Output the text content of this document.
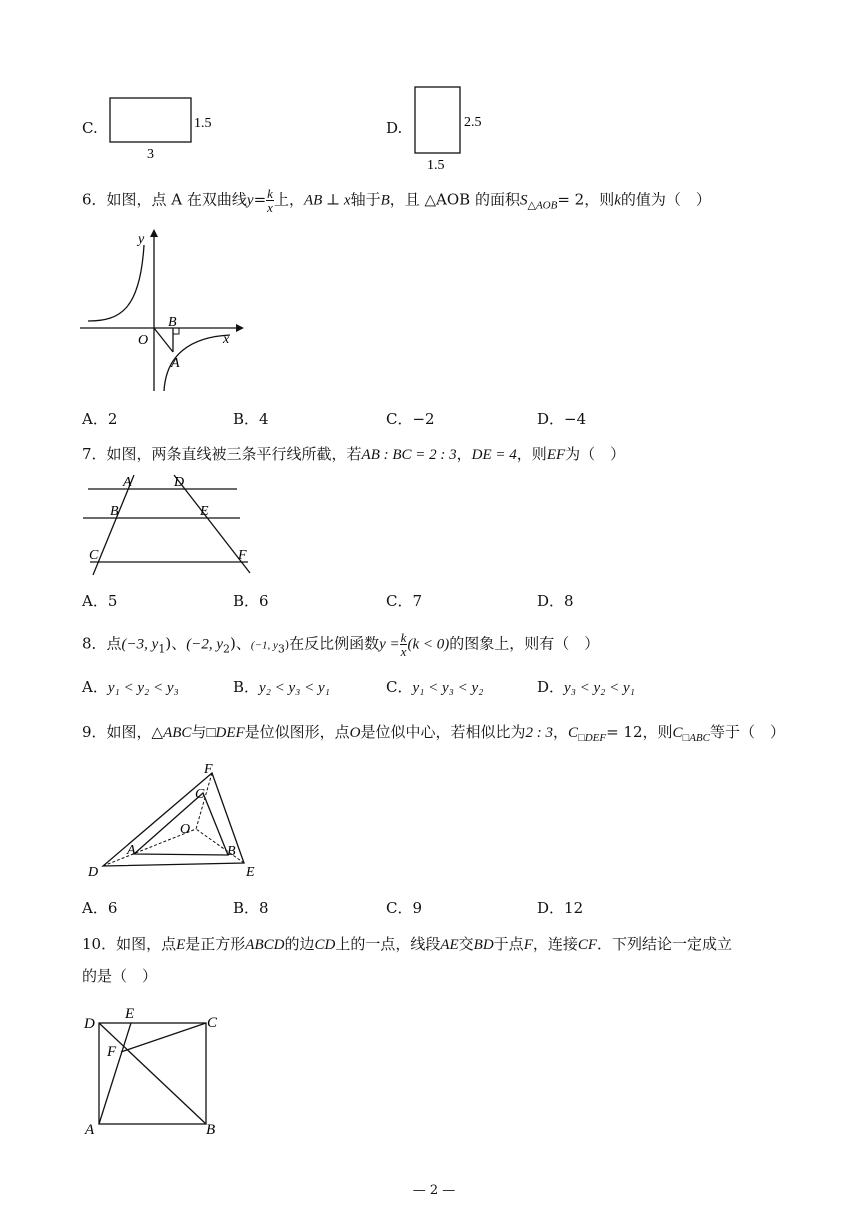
C.
3
1.5	D.	2.5
1.5
6．如图，点 A 在双曲线$y= \frac{k}{x}$ 上，AB ⊥ x轴于B，且 △AOB 的面积$S_{\triangle AOB}= 2$，则k的值为（　）
y
x
O
B
A
A．2	B．4	C．−2	D．−4
7．如图，两条直线被三条平行线所截，若AB : BC = 2 : 3，DE = 4，则EF为（　）
A
B
C
D
E
F
A．5	B．6	C．7	D．8
8．点(−3, $y_1$)、(−2, $y_2$)、(−1, $y_3$)在反比例函数$y = \frac{k}{x} (k < 0)$的图象上，则有（　）
A．y₁ < y₂ < y₃	B．y₂ < y₃ < y₁	C．y₁ < y₃ < y₂	D．y₃ < y₂ < y₁
9．如图，△ABC与□DEF是位似图形，点O是位似中心，若相似比为2 : 3，$C_{□DEF}= 12$，则$C_{□ABC}$等于（　）
F
C
O
A	B
D	E
A．6	B．8	C．9	D．12
10．如图，点E是正方形ABCD的边CD上的一点，线段AE交BD于点F，连接CF．下列结论一定成立
的是（　）
D
E
C
F
A	B
— 2 —
